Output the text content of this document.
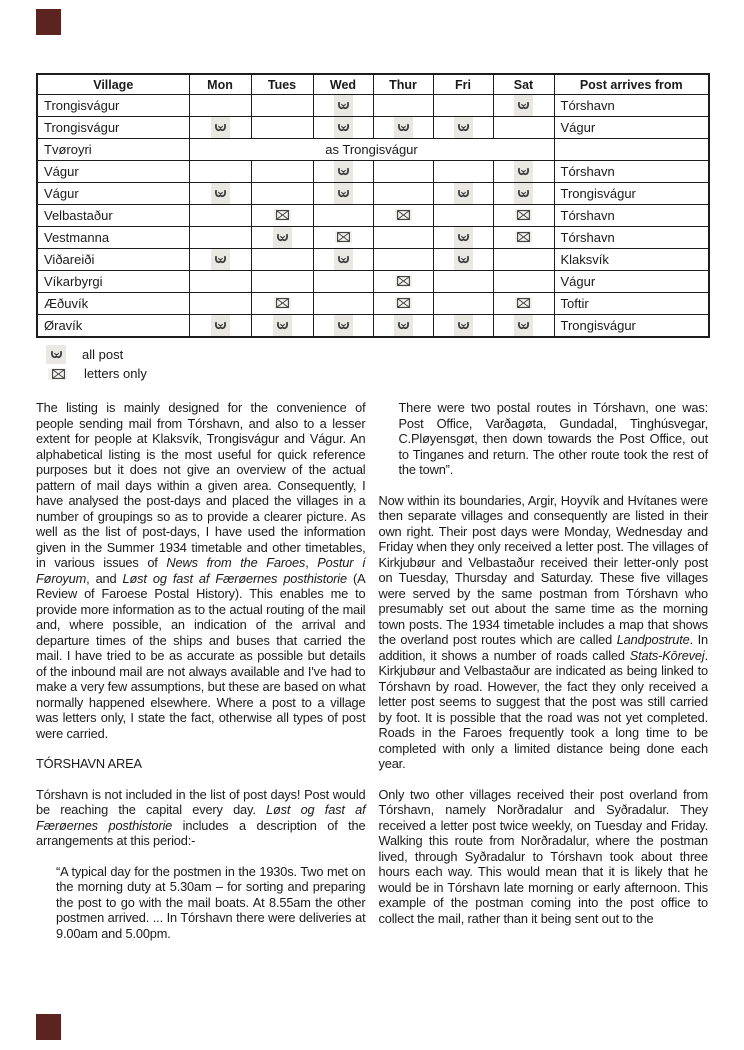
Village	Mon	Tues	Wed	Thur	Fri	Sat	Post arrives from
Trongisvágur							Tórshavn
Trongisvágur							Vágur
Tvøroyri	as Trongisvágur						
Vágur							Tórshavn
Vágur							Trongisvágur
Velbastaður							Tórshavn
Vestmanna							Tórshavn
Viðareiði							Klaksvík
Víkarbyrgi							Vágur
Æðuvík							Toftir
Øravík							Trongisvágur
all post
letters only

The listing is mainly designed for the convenience of people sending mail from Tórshavn, and also to a lesser extent for people at Klaksvík, Trongisvágur and Vágur. An alphabetical listing is the most useful for quick reference purposes but it does not give an overview of the actual pattern of mail days within a given area. Consequently, I have analysed the post-days and placed the villages in a number of groupings so as to provide a clearer picture. As well as the list of post-days, I have used the information given in the Summer 1934 timetable and other timetables, in various issues of News from the Faroes, Postur í Føroyum, and Løst og fast af Færøernes posthistorie (A Review of Faroese Postal History). This enables me to provide more information as to the actual routing of the mail and, where possible, an indication of the arrival and departure times of the ships and buses that carried the mail. I have tried to be as accurate as possible but details of the inbound mail are not always available and I've had to make a very few assumptions, but these are based on what normally happened elsewhere. Where a post to a village was letters only, I state the fact, otherwise all types of post were carried.

TÓRSHAVN AREA

Tórshavn is not included in the list of post days! Post would be reaching the capital every day. Løst og fast af Færøernes posthistorie includes a description of the arrangements at this period:-

“A typical day for the postmen in the 1930s. Two met on the morning duty at 5.30am – for sorting and preparing the post to go with the mail boats. At 8.55am the other postmen arrived. ... In Tórshavn there were deliveries at 9.00am and 5.00pm.

There were two postal routes in Tórshavn, one was: Post Office, Varðagøta, Gundadal, Tinghúsvegar, C.Pløyensgøt, then down towards the Post Office, out to Tinganes and return. The other route took the rest of the town”.

Now within its boundaries, Argir, Hoyvík and Hvítanes were then separate villages and consequently are listed in their own right. Their post days were Monday, Wednesday and Friday when they only received a letter post. The villages of Kirkjubøur and Velbastaður received their letter-only post on Tuesday, Thursday and Saturday. These five villages were served by the same postman from Tórshavn who presumably set out about the same time as the morning town posts. The 1934 timetable includes a map that shows the overland post routes which are called Landpostrute. In addition, it shows a number of roads called Stats-Kōrevej. Kirkjubøur and Velbastaður are indicated as being linked to Tórshavn by road. However, the fact they only received a letter post seems to suggest that the post was still carried by foot. It is possible that the road was not yet completed. Roads in the Faroes frequently took a long time to be completed with only a limited distance being done each year.

Only two other villages received their post overland from Tórshavn, namely Norðradalur and Syðradalur. They received a letter post twice weekly, on Tuesday and Friday. Walking this route from Norðradalur, where the postman lived, through Syðradalur to Tórshavn took about three hours each way. This would mean that it is likely that he would be in Tórshavn late morning or early afternoon. This example of the postman coming into the post office to collect the mail, rather than it being sent out to the
